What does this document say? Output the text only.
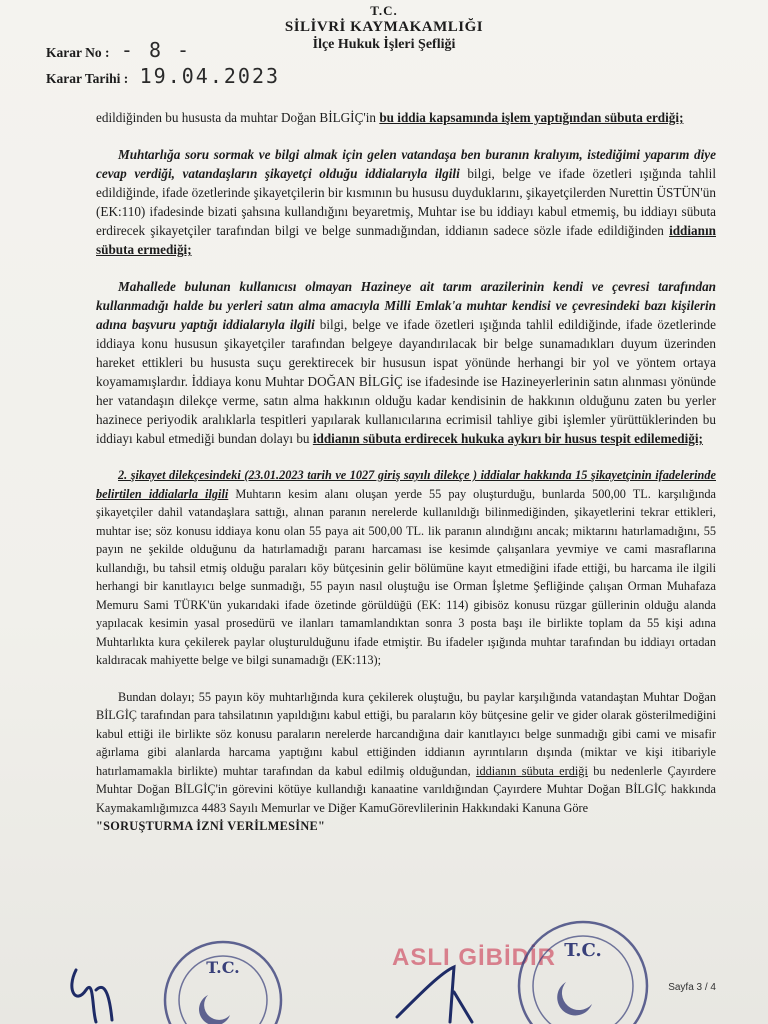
T.C.
SİLİVRİ KAYMAKAMLIĞI
İlçe Hukuk İşleri Şefliği
Karar No : - 8 -
Karar Tarihi : 19.04.2023

edildiğinden bu hususta da muhtar Doğan BİLGİÇ'in bu iddia kapsamında işlem yaptığından sübuta erdiği;

Muhtarlığa soru sormak ve bilgi almak için gelen vatandaşa ben buranın kralıyım, istediğimi yaparım diye cevap verdiği, vatandaşların şikayetçi olduğu iddialarıyla ilgili bilgi, belge ve ifade özetleri ışığında tahlil edildiğinde, ifade özetlerinde şikayetçilerin bir kısmının bu hususu duyduklarını, şikayetçilerden Nurettin ÜSTÜN'ün (EK:110) ifadesinde bizati şahsına kullandığını beyaretmiş, Muhtar ise bu iddiayı kabul etmemiş, bu iddiayı sübuta erdirecek şikayetçiler tarafından bilgi ve belge sunmadığından, iddianın sadece sözle ifade edildiğinden iddianın sübuta ermediği;

Mahallede bulunan kullanıcısı olmayan Hazineye ait tarım arazilerinin kendi ve çevresi tarafından kullanmadığı halde bu yerleri satın alma amacıyla Milli Emlak'a muhtar kendisi ve çevresindeki bazı kişilerin adına başvuru yaptığı iddialarıyla ilgili bilgi, belge ve ifade özetleri ışığında tahlil edildiğinde, ifade özetlerinde iddiaya konu hususun şikayetçiler tarafından belgeye dayandırılacak bir belge sunamadıkları duyum üzerinden hareket ettikleri bu hususta suçu gerektirecek bir hususun ispat yönünde herhangi bir yol ve yöntem ortaya koyamamışlardır. İddiaya konu Muhtar DOĞAN BİLGİÇ ise ifadesinde ise Hazineyerlerinin satın alınması yönünde her vatandaşın dilekçe verme, satın alma hakkının olduğu kadar kendisinin de hakkının olduğunu zaten bu yerler hazinece periyodik aralıklarla tespitleri yapılarak kullanıcılarına ecrimisil tahliye gibi işlemler yürüttüklerinden bu iddiayı kabul etmediği bundan dolayı bu iddianın sübuta erdirecek hukuka aykırı bir husus tespit edilemediği;

2. şikayet dilekçesindeki (23.01.2023 tarih ve 1027 giriş sayılı dilekçe ) iddialar hakkında 15 şikayetçinin ifadelerinde belirtilen iddialarla ilgili Muhtarın kesim alanı oluşan yerde 55 pay oluşturduğu, bunlarda 500,00 TL. karşılığında şikayetçiler dahil vatandaşlara sattığı, alınan paranın nerelerde kullanıldığı bilinmediğinden, şikayetlerini tekrar ettikleri, muhtar ise; söz konusu iddiaya konu olan 55 paya ait 500,00 TL. lik paranın alındığını ancak; miktarını hatırlamadığını, 55 payın ne şekilde olduğunu da hatırlamadığı paranı harcaması ise kesimde çalışanlara yevmiye ve cami masraflarına kullandığı, bu tahsil etmiş olduğu paraları köy bütçesinin gelir bölümüne kayıt etmediğini ifade ettiği, bu harcama ile ilgili herhangi bir kanıtlayıcı belge sunmadığı, 55 payın nasıl oluştuğu ise Orman İşletme Şefliğinde çalışan Orman Muhafaza Memuru Sami TÜRK'ün yukarıdaki ifade özetinde görüldüğü (EK: 114) gibisöz konusu rüzgar güllerinin olduğu alanda yapılacak kesimin yasal prosedürü ve ilanları tamamlandıktan sonra 3 posta başı ile birlikte toplam da 55 kişi adına Muhtarlıkta kura çekilerek paylar oluşturulduğunu ifade etmiştir. Bu ifadeler ışığında muhtar tarafından bu iddiayı ortadan kaldıracak mahiyette belge ve bilgi sunamadığı (EK:113);

Bundan dolayı; 55 payın köy muhtarlığında kura çekilerek oluştuğu, bu paylar karşılığında vatandaştan Muhtar Doğan BİLGİÇ tarafından para tahsilatının yapıldığını kabul ettiği, bu paraların köy bütçesine gelir ve gider olarak gösterilmediğini kabul ettiği ile birlikte söz konusu paraların nerelerde harcandığına dair kanıtlayıcı belge sunmadığı gibi cami ve misafir ağırlama gibi alanlarda harcama yaptığını kabul ettiğinden iddianın ayrıntıların dışında (miktar ve kişi itibariyle hatırlamamakla birlikte) muhtar tarafından da kabul edilmiş olduğundan, iddianın sübuta erdiği bu nedenlerle Çayırdere Muhtar Doğan BİLGİÇ'in görevini kötüye kullandığı kanaatine varıldığından Çayırdere Muhtar Doğan BİLGİÇ hakkında Kaymakamlığımızca 4483 Sayılı Memurlar ve Diğer KamuGörevlilerinin Hakkındaki Kanuna Göre
"SORUŞTURMA İZNİ VERİLMESİNE"

T.C.	ASLI GİBİDİR T.C.
Sayfa 3 / 4
